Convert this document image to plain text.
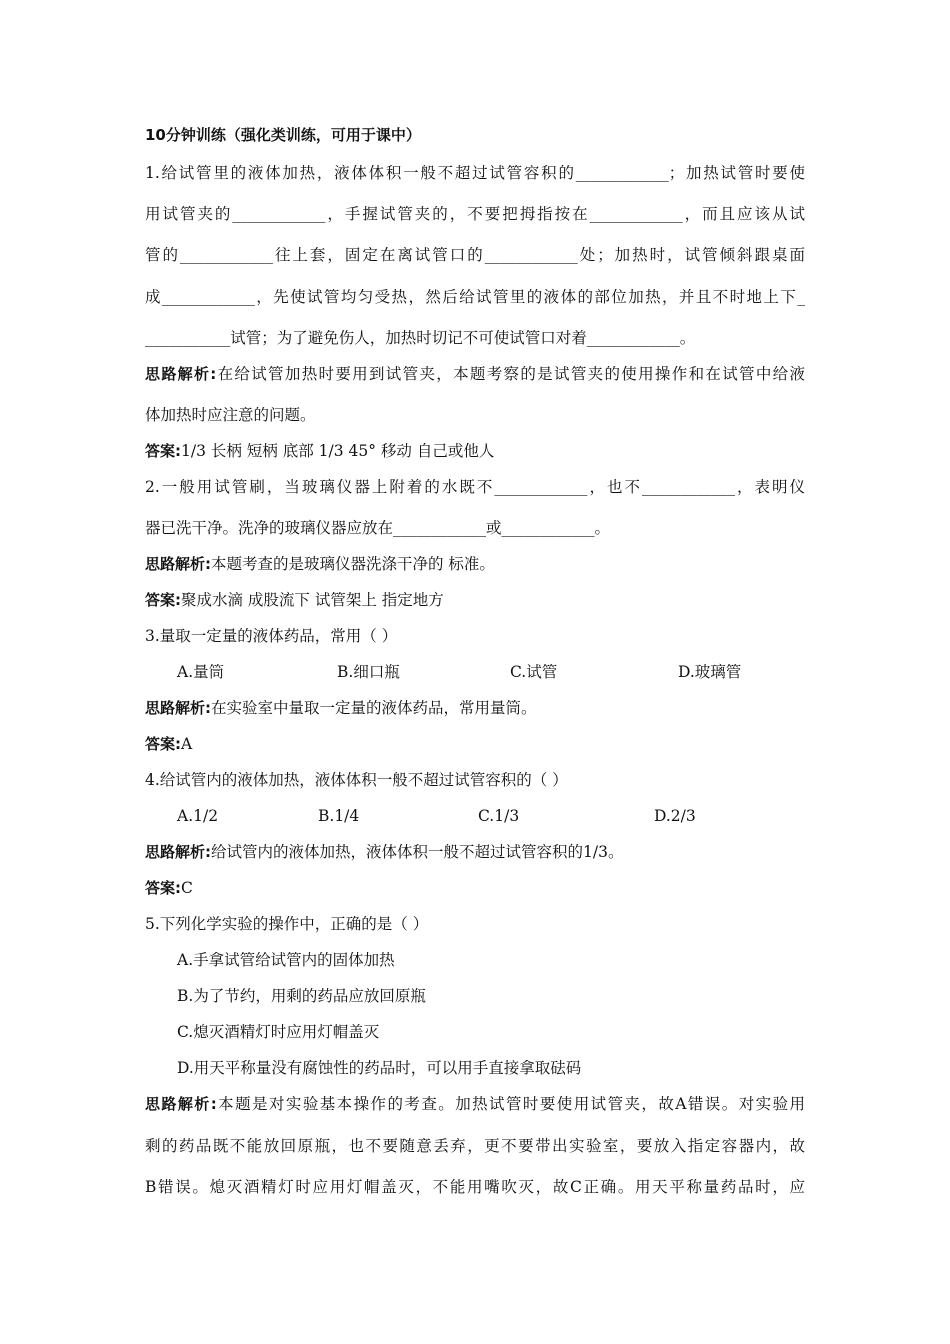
10分钟训练（强化类训练，可用于课中）
1.给试管里的液体加热，液体体积一般不超过试管容积的____________；加热试管时要使
用试管夹的____________，手握试管夹的，不要把拇指按在____________，而且应该从试
管的____________往上套，固定在离试管口的____________处；加热时，试管倾斜跟桌面
成____________，先使试管均匀受热，然后给试管里的液体的部位加热，并且不时地上下_
___________试管；为了避免伤人，加热时切记不可使试管口对着____________。
思路解析:在给试管加热时要用到试管夹，本题考察的是试管夹的使用操作和在试管中给液
体加热时应注意的问题。
答案:1/3 长柄 短柄 底部 1/3 45° 移动 自己或他人
2.一般用试管刷，当玻璃仪器上附着的水既不____________，也不____________，表明仪
器已洗干净。洗净的玻璃仪器应放在____________或____________。
思路解析:本题考查的是玻璃仪器洗涤干净的 标准。
答案:聚成水滴 成股流下 试管架上 指定地方
3.量取一定量的液体药品，常用（ ）
A.量筒	B.细口瓶	C.试管	D.玻璃管
思路解析:在实验室中量取一定量的液体药品，常用量筒。
答案:A
4.给试管内的液体加热，液体体积一般不超过试管容积的（ ）
A.1/2	B.1/4	C.1/3	D.2/3
思路解析:给试管内的液体加热，液体体积一般不超过试管容积的1/3。
答案:C
5.下列化学实验的操作中，正确的是（ ）
A.手拿试管给试管内的固体加热
B.为了节约，用剩的药品应放回原瓶
C.熄灭酒精灯时应用灯帽盖灭
D.用天平称量没有腐蚀性的药品时，可以用手直接拿取砝码
思路解析:本题是对实验基本操作的考查。加热试管时要使用试管夹，故A错误。对实验用
剩的药品既不能放回原瓶，也不要随意丢弃，更不要带出实验室，要放入指定容器内，故
B错误。熄灭酒精灯时应用灯帽盖灭，不能用嘴吹灭，故C正确。用天平称量药品时，应
